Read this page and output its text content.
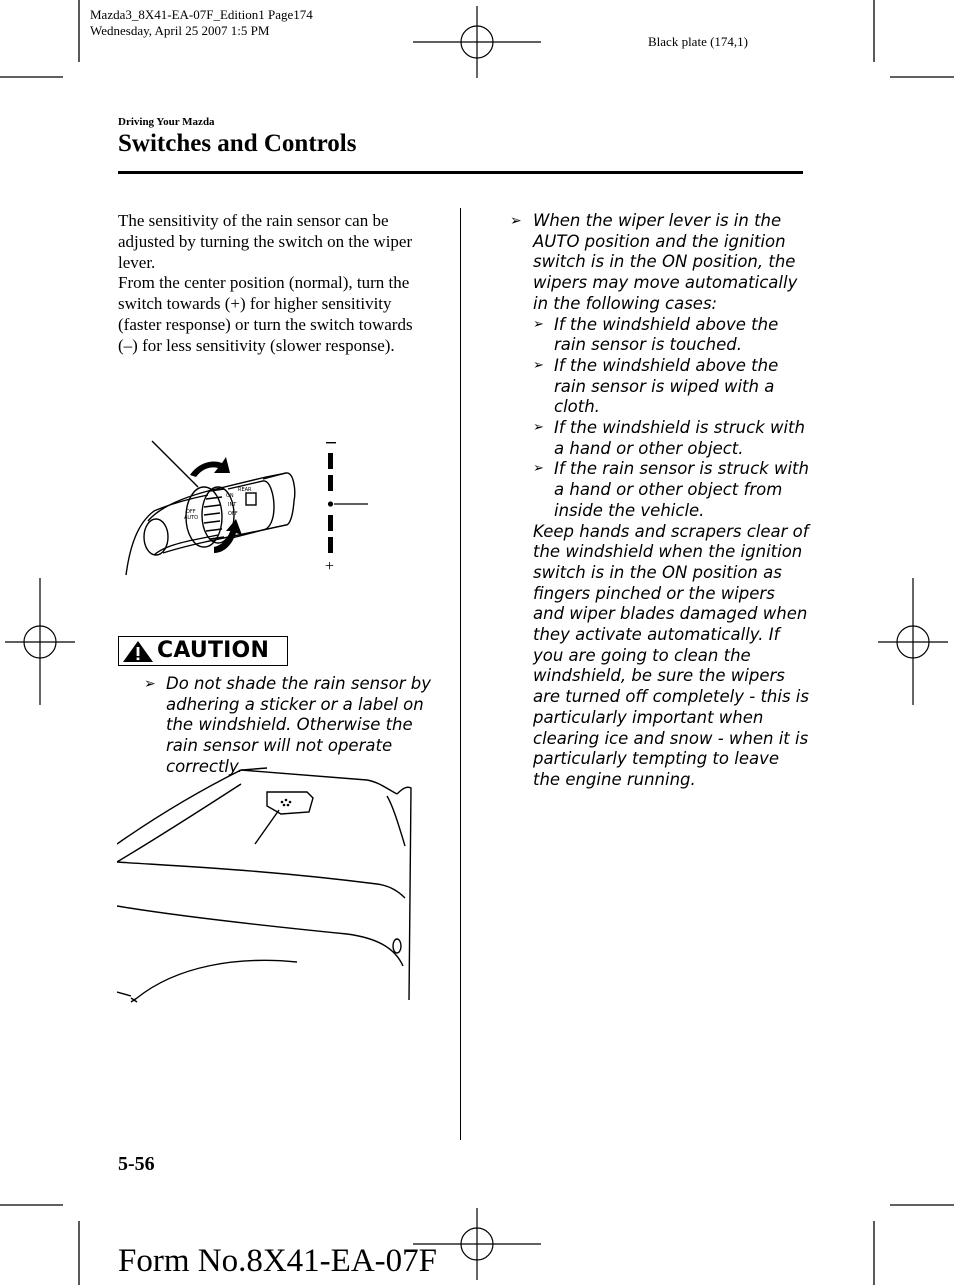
Mazda3_8X41-EA-07F_Edition1 Page174
Wednesday, April 25 2007 1:5 PM
Black plate (174,1)
Driving Your Mazda
Switches and Controls
The sensitivity of the rain sensor can be adjusted by turning the switch on the wiper lever.
From the center position (normal), turn the switch towards (+) for higher sensitivity (faster response) or turn the switch towards (–) for less sensitivity (slower response).
OFF
AUTO
ON
INT
OFF
REAR
+
CAUTION
➢ Do not shade the rain sensor by adhering a sticker or a label on the windshield. Otherwise the rain sensor will not operate correctly.
➢ When the wiper lever is in the AUTO position and the ignition switch is in the ON position, the wipers may move automatically in the following cases:
➢ If the windshield above the rain sensor is touched.
➢ If the windshield above the rain sensor is wiped with a cloth.
➢ If the windshield is struck with a hand or other object.
➢ If the rain sensor is struck with a hand or other object from inside the vehicle.
Keep hands and scrapers clear of the windshield when the ignition switch is in the ON position as fingers pinched or the wipers and wiper blades damaged when they activate automatically. If you are going to clean the windshield, be sure the wipers are turned off completely - this is particularly important when clearing ice and snow - when it is particularly tempting to leave the engine running.
5-56
Form No.8X41-EA-07F
